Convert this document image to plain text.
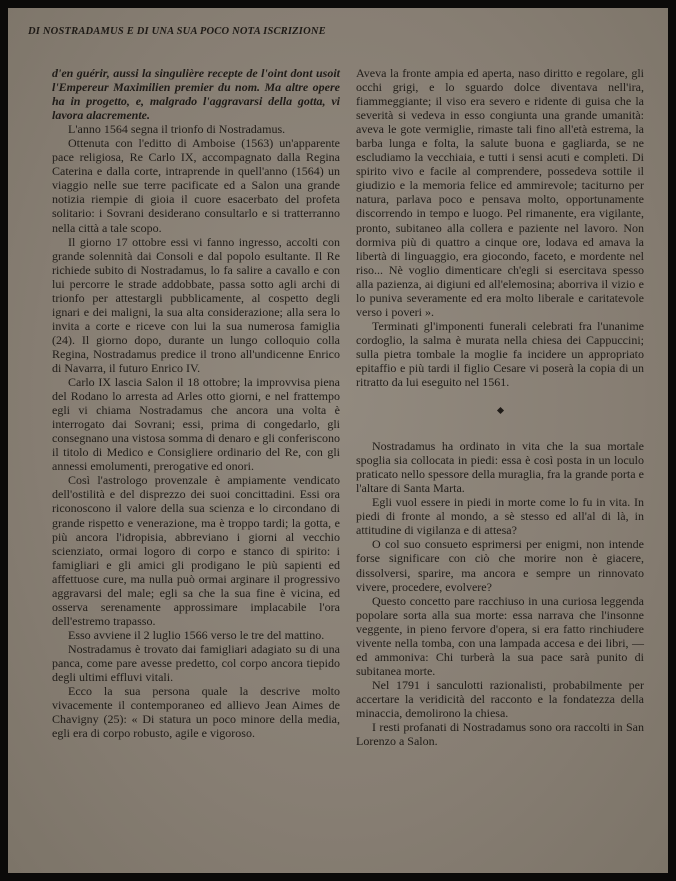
DI NOSTRADAMUS E DI UNA SUA POCO NOTA ISCRIZIONE

d'en guérir, aussi la singulière recepte de l'oint dont usoit l'Empereur Maximilien premier du nom. Ma altre opere ha in progetto, e, malgrado l'aggravarsi della gotta, vi lavora alacremente.

L'anno 1564 segna il trionfo di Nostradamus.

Ottenuta con l'editto di Amboise (1563) un'apparente pace religiosa, Re Carlo IX, accompagnato dalla Regina Caterina e dalla corte, intraprende in quell'anno (1564) un viaggio nelle sue terre pacificate ed a Salon una grande notizia riempie di gioia il cuore esacerbato del profeta solitario: i Sovrani desiderano consultarlo e si tratterranno nella città a tale scopo.

Il giorno 17 ottobre essi vi fanno ingresso, accolti con grande solennità dai Consoli e dal popolo esultante. Il Re richiede subito di Nostradamus, lo fa salire a cavallo e con lui percorre le strade addobbate, passa sotto agli archi di trionfo per attestargli pubblicamente, al cospetto degli ignari e dei maligni, la sua alta considerazione; alla sera lo invita a corte e riceve con lui la sua numerosa famiglia (24). Il giorno dopo, durante un lungo colloquio colla Regina, Nostradamus predice il trono all'undicenne Enrico di Navarra, il futuro Enrico IV.

Carlo IX lascia Salon il 18 ottobre; la improvvisa piena del Rodano lo arresta ad Arles otto giorni, e nel frattempo egli vi chiama Nostradamus che ancora una volta è interrogato dai Sovrani; essi, prima di congedarlo, gli consegnano una vistosa somma di denaro e gli conferiscono il titolo di Medico e Consigliere ordinario del Re, con gli annessi emolumenti, prerogative ed onori.

Così l'astrologo provenzale è ampiamente vendicato dell'ostilità e del disprezzo dei suoi concittadini. Essi ora riconoscono il valore della sua scienza e lo circondano di grande rispetto e venerazione, ma è troppo tardi; la gotta, e più ancora l'idropisia, abbreviano i giorni al vecchio scienziato, ormai logoro di corpo e stanco di spirito: i famigliari e gli amici gli prodigano le più sapienti ed affettuose cure, ma nulla può ormai arginare il progressivo aggravarsi del male; egli sa che la sua fine è vicina, ed osserva serenamente approssimare implacabile l'ora dell'estremo trapasso.

Esso avviene il 2 luglio 1566 verso le tre del mattino.

Nostradamus è trovato dai famigliari adagiato su di una panca, come pare avesse predetto, col corpo ancora tiepido degli ultimi effluvi vitali.

Ecco la sua persona quale la descrive molto vivacemente il contemporaneo ed allievo Jean Aimes de Chavigny (25): « Di statura un poco minore della media, egli era di corpo robusto, agile e vigoroso.

Aveva la fronte ampia ed aperta, naso diritto e regolare, gli occhi grigi, e lo sguardo dolce diventava nell'ira, fiammeggiante; il viso era severo e ridente di guisa che la severità si vedeva in esso congiunta una grande umanità: aveva le gote vermiglie, rimaste tali fino all'età estrema, la barba lunga e folta, la salute buona e gagliarda, se ne escludiamo la vecchiaia, e tutti i sensi acuti e completi. Di spirito vivo e facile al comprendere, possedeva sottile il giudizio e la memoria felice ed ammirevole; taciturno per natura, parlava poco e pensava molto, opportunamente discorrendo in tempo e luogo. Pel rimanente, era vigilante, pronto, subitaneo alla collera e paziente nel lavoro. Non dormiva più di quattro a cinque ore, lodava ed amava la libertà di linguaggio, era giocondo, faceto, e mordente nel riso... Nè voglio dimenticare ch'egli si esercitava spesso alla pazienza, ai digiuni ed all'elemosina; aborriva il vizio e lo puniva severamente ed era molto liberale e caritatevole verso i poveri ».

Terminati gl'imponenti funerali celebrati fra l'unanime cordoglio, la salma è murata nella chiesa dei Cappuccini; sulla pietra tombale la moglie fa incidere un appropriato epitaffio e più tardi il figlio Cesare vi poserà la copia di un ritratto da lui eseguito nel 1561.

Nostradamus ha ordinato in vita che la sua mortale spoglia sia collocata in piedi: essa è così posta in un loculo praticato nello spessore della muraglia, fra la grande porta e l'altare di Santa Marta.

Egli vuol essere in piedi in morte come lo fu in vita. In piedi di fronte al mondo, a sè stesso ed all'al di là, in attitudine di vigilanza e di attesa?

O col suo consueto esprimersi per enigmi, non intende forse significare con ciò che morire non è giacere, dissolversi, sparire, ma ancora e sempre un rinnovato vivere, procedere, evolvere?

Questo concetto pare racchiuso in una curiosa leggenda popolare sorta alla sua morte: essa narrava che l'insonne veggente, in pieno fervore d'opera, si era fatto rinchiudere vivente nella tomba, con una lampada accesa e dei libri, — ed ammoniva: Chi turberà la sua pace sarà punito di subitanea morte.

Nel 1791 i sanculotti razionalisti, probabilmente per accertare la veridicità del racconto e la fondatezza della minaccia, demolirono la chiesa.

I resti profanati di Nostradamus sono ora raccolti in San Lorenzo a Salon.
